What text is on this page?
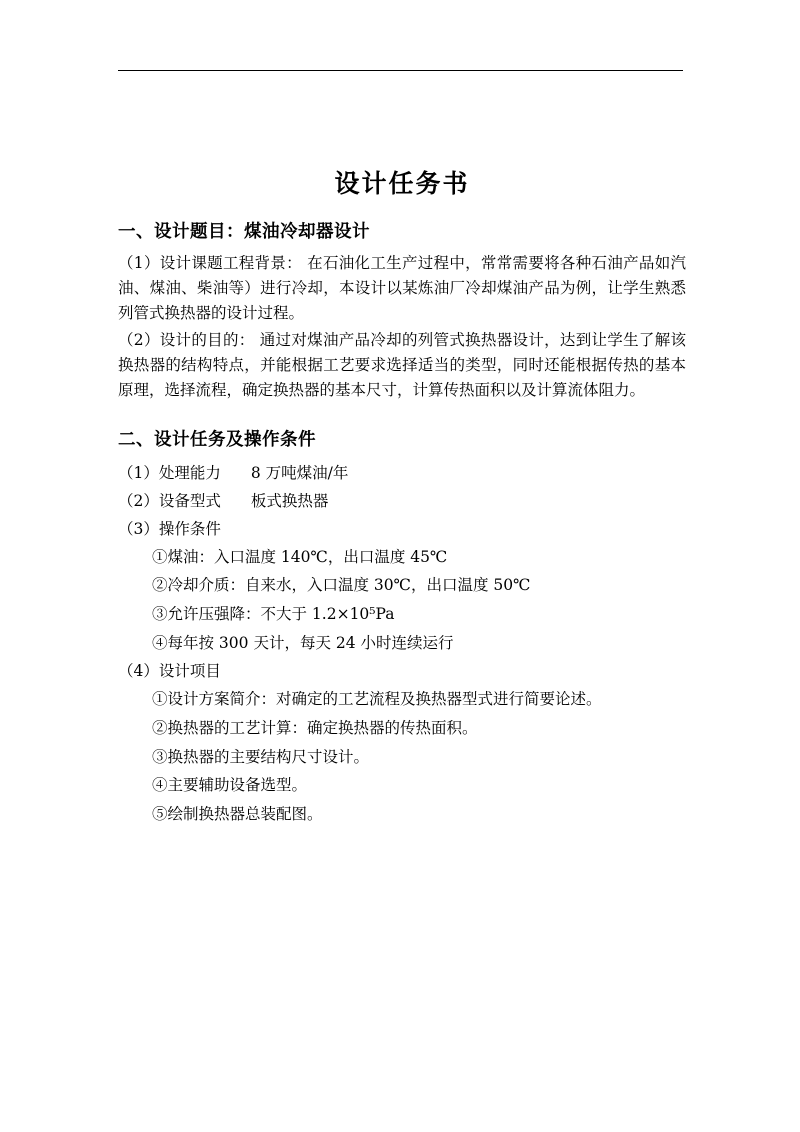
设计任务书
一、设计题目：煤油冷却器设计

（1）设计课题工程背景： 在石油化工生产过程中，常常需要将各种石油产品如汽油、煤油、柴油等）进行冷却，本设计以某炼油厂冷却煤油产品为例，让学生熟悉列管式换热器的设计过程。

（2）设计的目的： 通过对煤油产品冷却的列管式换热器设计，达到让学生了解该换热器的结构特点，并能根据工艺要求选择适当的类型，同时还能根据传热的基本原理，选择流程，确定换热器的基本尺寸，计算传热面积以及计算流体阻力。

二、设计任务及操作条件

（1）处理能力 8 万吨煤油/年

（2）设备型式 板式换热器

（3）操作条件

①煤油：入口温度 140℃，出口温度 45℃

②冷却介质：自来水，入口温度 30℃，出口温度 50℃

③允许压强降：不大于 1.2×10⁵Pa

④每年按 300 天计，每天 24 小时连续运行

（4）设计项目

①设计方案简介：对确定的工艺流程及换热器型式进行简要论述。

②换热器的工艺计算：确定换热器的传热面积。

③换热器的主要结构尺寸设计。

④主要辅助设备选型。

⑤绘制换热器总装配图。
